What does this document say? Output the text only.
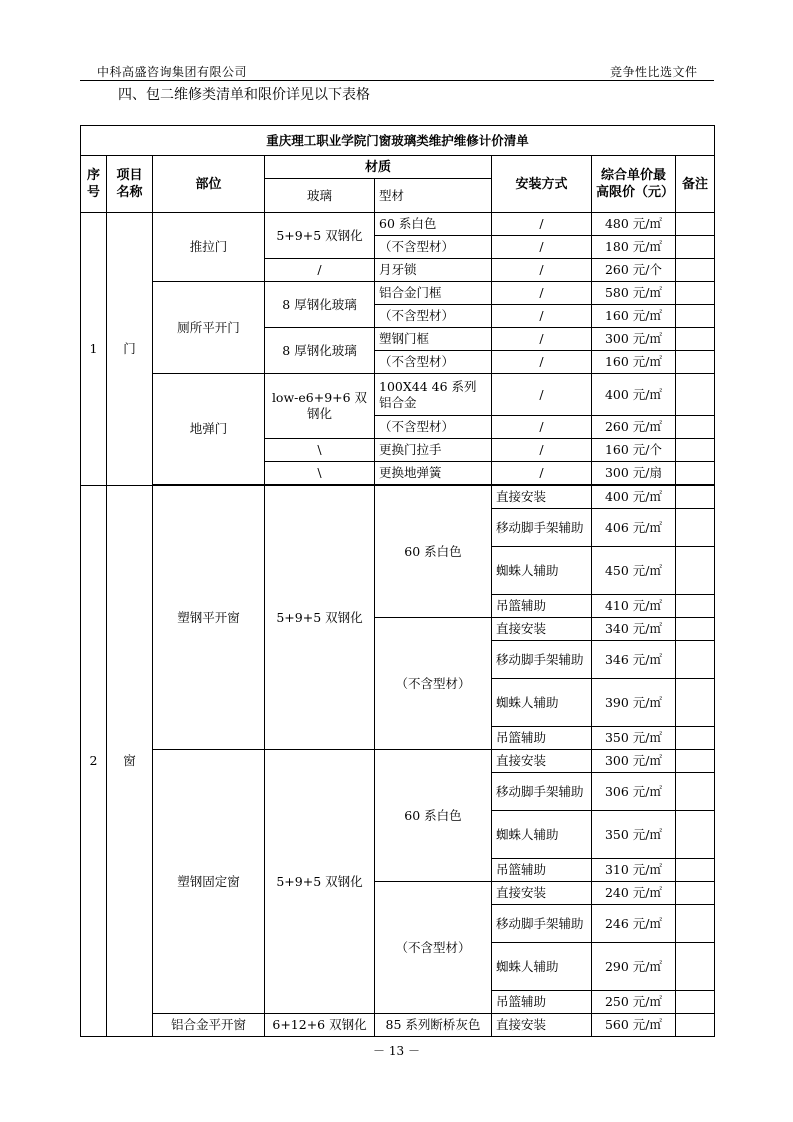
中科高盛咨询集团有限公司	竞争性比选文件
四、包二维修类清单和限价详见以下表格
重庆理工职业学院门窗玻璃类维护维修计价清单							
序号	项目名称	部位	材质		安装方式	综合单价最高限价（元）	备注
			玻璃	型材			
1	门	推拉门	5+9+5 双钢化	60 系白色	/	480 元/㎡	
				（不含型材）	/	180 元/㎡	
			/	月牙锁	/	260 元/个	
		厕所平开门	8 厚钢化玻璃	铝合金门框	/	580 元/㎡	
				（不含型材）	/	160 元/㎡	
			8 厚钢化玻璃	塑钢门框	/	300 元/㎡	
				（不含型材）	/	160 元/㎡	
		地弹门	low-e6+9+6 双钢化	100X44 46 系列铝合金	/	400 元/㎡	
				（不含型材）	/	260 元/㎡	
			\	更换门拉手	/	160 元/个	
			\	更换地弹簧	/	300 元/扇	

2	窗	塑钢平开窗	5+9+5 双钢化	60 系白色	直接安装	400 元/㎡	
					移动脚手架辅助	406 元/㎡	
					蜘蛛人辅助	450 元/㎡	
					吊篮辅助	410 元/㎡	
				（不含型材）	直接安装	340 元/㎡	
					移动脚手架辅助	346 元/㎡	
					蜘蛛人辅助	390 元/㎡	
					吊篮辅助	350 元/㎡	
		塑钢固定窗	5+9+5 双钢化	60 系白色	直接安装	300 元/㎡	
					移动脚手架辅助	306 元/㎡	
					蜘蛛人辅助	350 元/㎡	
					吊篮辅助	310 元/㎡	
				（不含型材）	直接安装	240 元/㎡	
					移动脚手架辅助	246 元/㎡	
					蜘蛛人辅助	290 元/㎡	
					吊篮辅助	250 元/㎡	
		铝合金平开窗	6+12+6 双钢化	85 系列断桥灰色	直接安装	560 元/㎡	
－ 13 －
